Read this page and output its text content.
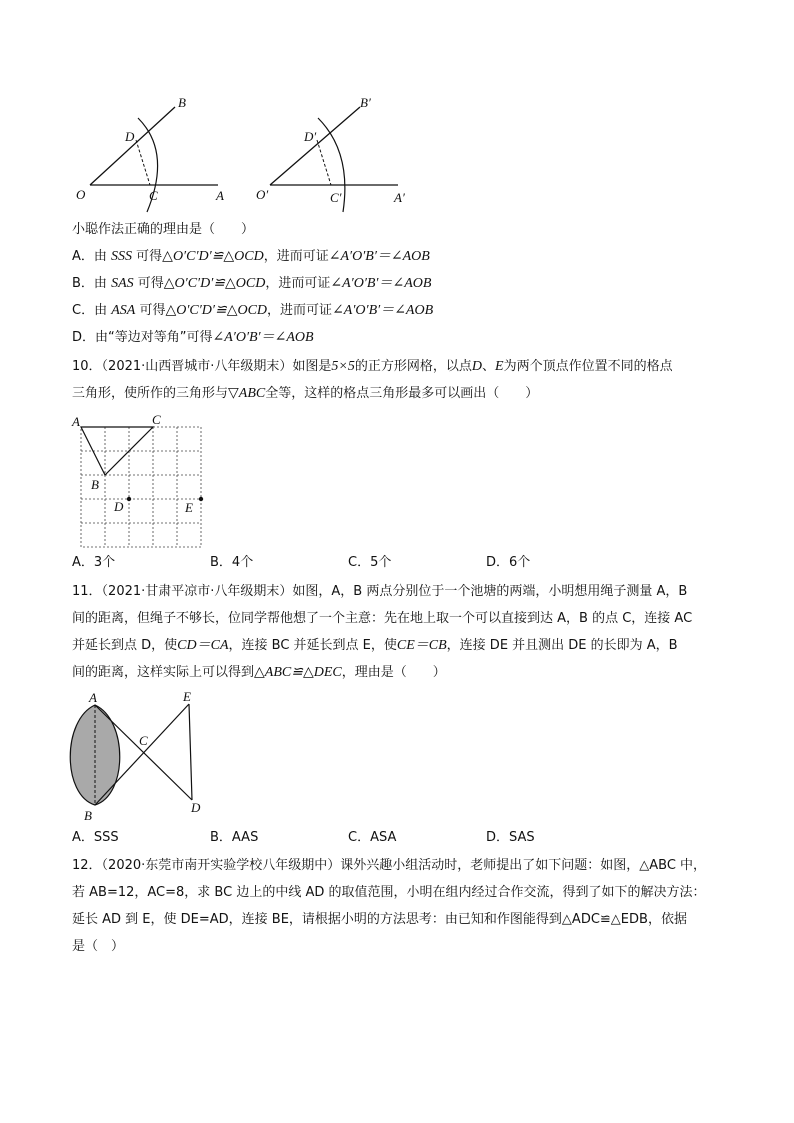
O	A
B
C
D
O′	A′
B′
C′
D′
小聪作法正确的理由是（　　）
A．由 SSS 可得△O′C′D′≌△OCD，进而可证∠A′O′B′＝∠AOB
B．由 SAS 可得△O′C′D′≌△OCD，进而可证∠A′O′B′＝∠AOB
C．由 ASA 可得△O′C′D′≌△OCD，进而可证∠A′O′B′＝∠AOB
D．由“等边对等角”可得∠A′O′B′＝∠AOB
10．（2021·山西晋城市·八年级期末）如图是5×5的正方形网格，以点D、E为两个顶点作位置不同的格点
三角形，使所作的三角形与▽ABC全等，这样的格点三角形最多可以画出（　　）
A	C
B
D	E
A．3个	B．4个	C．5个	D．6个
11．（2021·甘肃平凉市·八年级期末）如图，A，B 两点分别位于一个池塘的两端，小明想用绳子测量 A，B
间的距离，但绳子不够长，位同学帮他想了一个主意：先在地上取一个可以直接到达 A，B 的点 C，连接 AC
并延长到点 D，使CD＝CA，连接 BC 并延长到点 E，使CE＝CB，连接 DE 并且测出 DE 的长即为 A，B
间的距离，这样实际上可以得到△ABC≌△DEC，理由是（　　）
A
B
C
D
E
A．SSS	B．AAS	C．ASA	D．SAS
12．（2020·东莞市南开实验学校八年级期中）课外兴趣小组活动时，老师提出了如下问题：如图，△ABC 中，
若 AB=12，AC=8，求 BC 边上的中线 AD 的取值范围，小明在组内经过合作交流，得到了如下的解决方法：
延长 AD 到 E，使 DE=AD，连接 BE，请根据小明的方法思考：由已知和作图能得到△ADC≌△EDB，依据
是（　）
